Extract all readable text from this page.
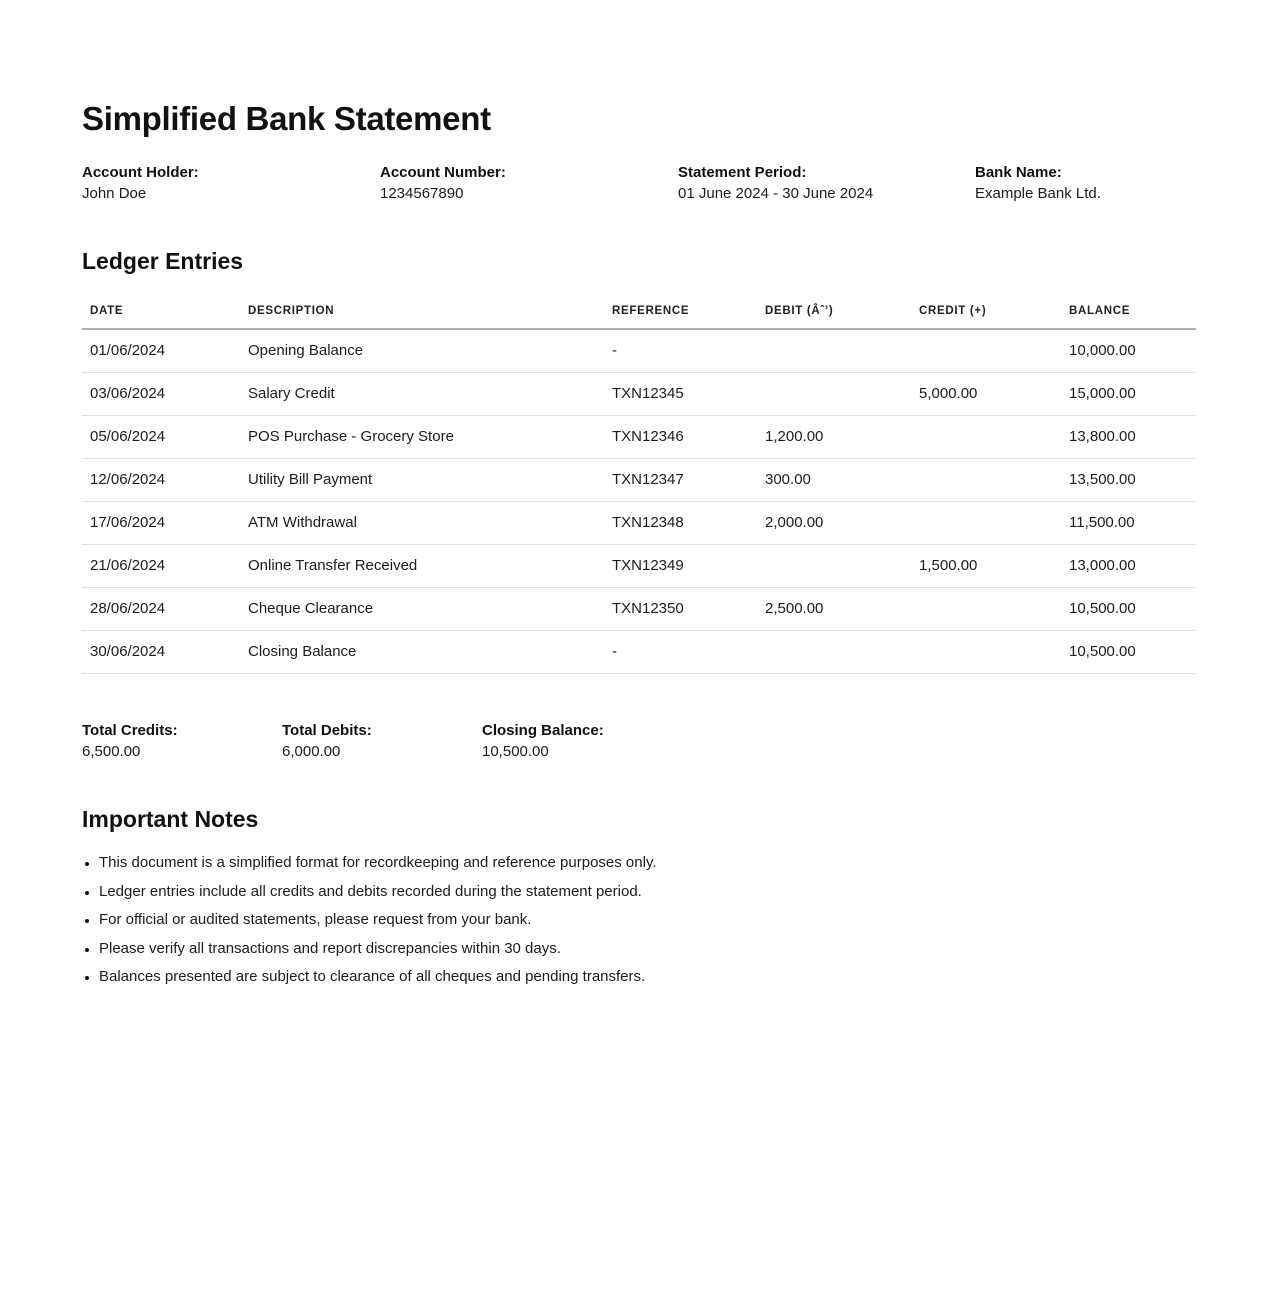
Simplified Bank Statement
Account Holder:
John Doe
Account Number:
1234567890
Statement Period:
01 June 2024 - 30 June 2024
Bank Name:
Example Bank Ltd.
Ledger Entries
DATE	DESCRIPTION	REFERENCE	DEBIT (Âˆ’)	CREDIT (+)	BALANCE
01/06/2024	Opening Balance	-			10,000.00
03/06/2024	Salary Credit	TXN12345		5,000.00	15,000.00
05/06/2024	POS Purchase - Grocery Store	TXN12346	1,200.00		13,800.00
12/06/2024	Utility Bill Payment	TXN12347	300.00		13,500.00
17/06/2024	ATM Withdrawal	TXN12348	2,000.00		11,500.00
21/06/2024	Online Transfer Received	TXN12349		1,500.00	13,000.00
28/06/2024	Cheque Clearance	TXN12350	2,500.00		10,500.00
30/06/2024	Closing Balance	-			10,500.00
Total Credits:
6,500.00
Total Debits:
6,000.00
Closing Balance:
10,500.00
Important Notes
• This document is a simplified format for recordkeeping and reference purposes only.
• Ledger entries include all credits and debits recorded during the statement period.
• For official or audited statements, please request from your bank.
• Please verify all transactions and report discrepancies within 30 days.
• Balances presented are subject to clearance of all cheques and pending transfers.
